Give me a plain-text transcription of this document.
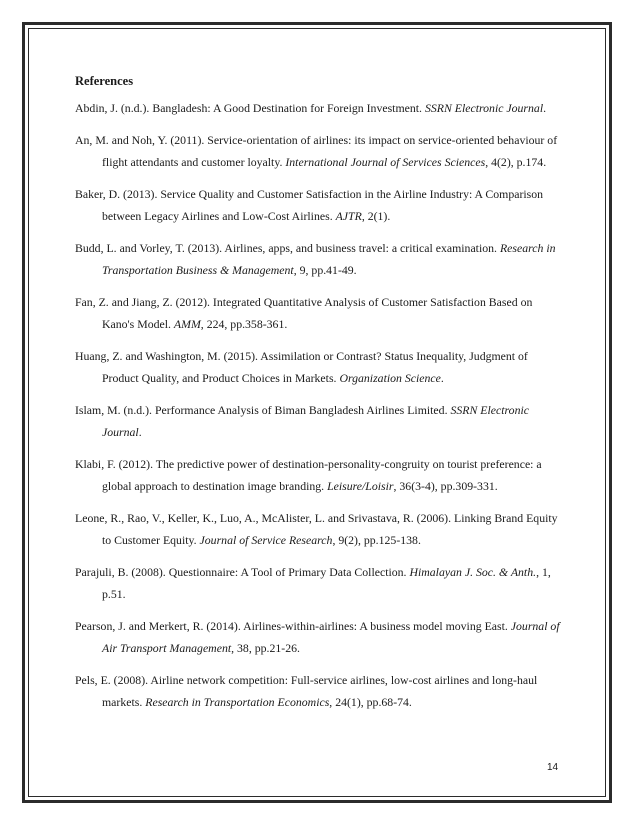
References
Abdin, J. (n.d.). Bangladesh: A Good Destination for Foreign Investment. SSRN Electronic Journal.
An, M. and Noh, Y. (2011). Service-orientation of airlines: its impact on service-oriented behaviour of flight attendants and customer loyalty. International Journal of Services Sciences, 4(2), p.174.
Baker, D. (2013). Service Quality and Customer Satisfaction in the Airline Industry: A Comparison between Legacy Airlines and Low-Cost Airlines. AJTR, 2(1).
Budd, L. and Vorley, T. (2013). Airlines, apps, and business travel: a critical examination. Research in Transportation Business & Management, 9, pp.41-49.
Fan, Z. and Jiang, Z. (2012). Integrated Quantitative Analysis of Customer Satisfaction Based on Kano's Model. AMM, 224, pp.358-361.
Huang, Z. and Washington, M. (2015). Assimilation or Contrast? Status Inequality, Judgment of Product Quality, and Product Choices in Markets. Organization Science.
Islam, M. (n.d.). Performance Analysis of Biman Bangladesh Airlines Limited. SSRN Electronic Journal.
Klabi, F. (2012). The predictive power of destination-personality-congruity on tourist preference: a global approach to destination image branding. Leisure/Loisir, 36(3-4), pp.309-331.
Leone, R., Rao, V., Keller, K., Luo, A., McAlister, L. and Srivastava, R. (2006). Linking Brand Equity to Customer Equity. Journal of Service Research, 9(2), pp.125-138.
Parajuli, B. (2008). Questionnaire: A Tool of Primary Data Collection. Himalayan J. Soc. & Anth., 1, p.51.
Pearson, J. and Merkert, R. (2014). Airlines-within-airlines: A business model moving East. Journal of Air Transport Management, 38, pp.21-26.
Pels, E. (2008). Airline network competition: Full-service airlines, low-cost airlines and long-haul markets. Research in Transportation Economics, 24(1), pp.68-74.
14
